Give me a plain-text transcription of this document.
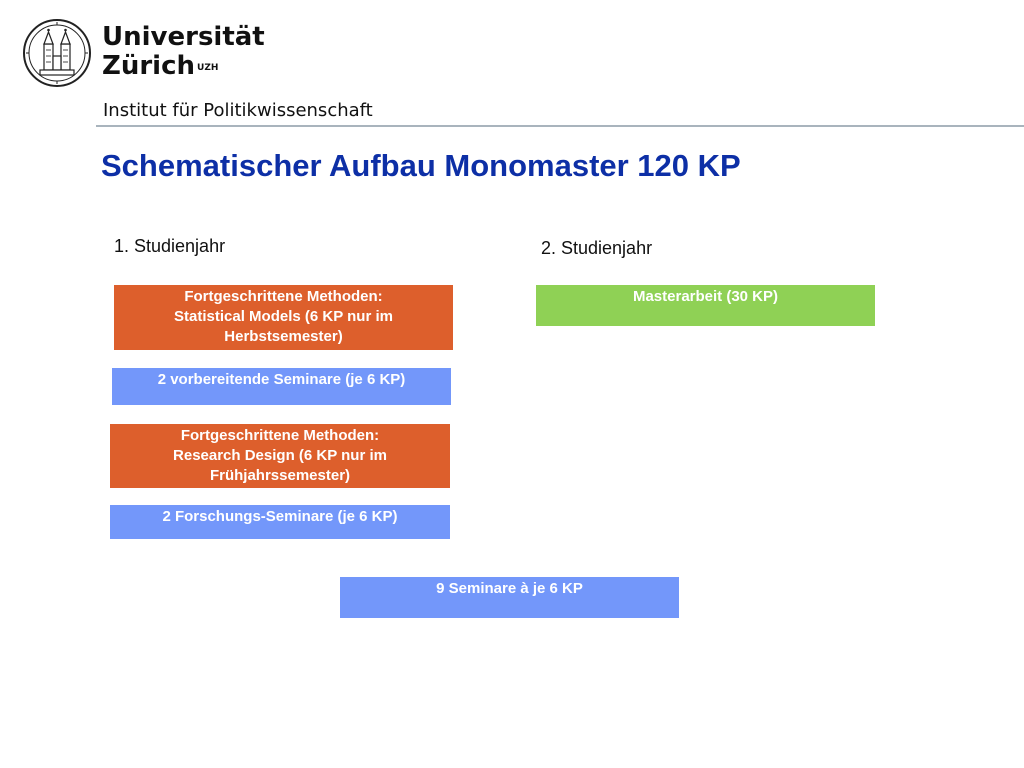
Universität
Zürich $^{UZH}$
Institut für Politikwissenschaft
Schematischer Aufbau Monomaster 120 KP
1. Studienjahr	2. Studienjahr
Fortgeschrittene Methoden:
Statistical Models (6 KP nur im
Herbstsemester)
2 vorbereitende Seminare (je 6 KP)
Fortgeschrittene Methoden:
Research Design (6 KP nur im
Frühjahrssemester)
2 Forschungs-Seminare (je 6 KP)
Masterarbeit (30 KP)
9 Seminare à je 6 KP
